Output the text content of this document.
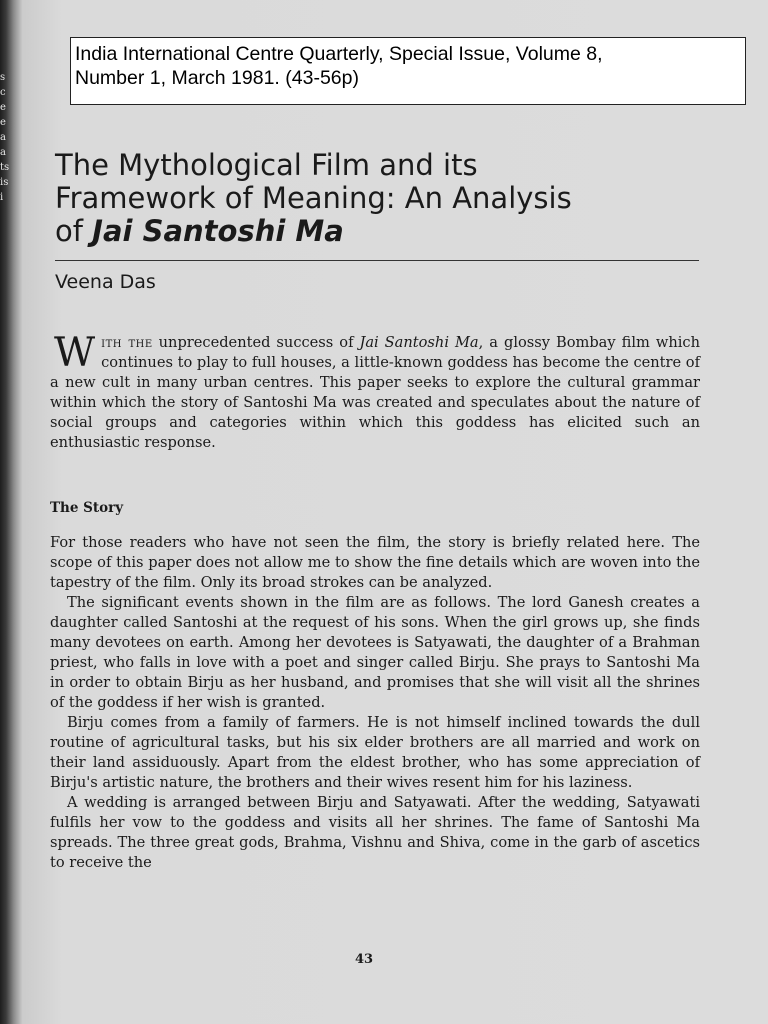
s c e e a a ts is i
India International Centre Quarterly, Special Issue, Volume 8,
Number 1, March 1981. (43-56p)
The Mythological Film and its
Framework of Meaning: An Analysis
of Jai Santoshi Ma
Veena Das

With the unprecedented success of Jai Santoshi Ma, a glossy Bombay film which continues to play to full houses, a little-known goddess has become the centre of a new cult in many urban centres. This paper seeks to explore the cultural grammar within which the story of Santoshi Ma was created and speculates about the nature of social groups and categories within which this goddess has elicited such an enthusiastic response.

The Story

For those readers who have not seen the film, the story is briefly related here. The scope of this paper does not allow me to show the fine details which are woven into the tapestry of the film. Only its broad strokes can be analyzed.

The significant events shown in the film are as follows. The lord Ganesh creates a daughter called Santoshi at the request of his sons. When the girl grows up, she finds many devotees on earth. Among her devotees is Satyawati, the daughter of a Brahman priest, who falls in love with a poet and singer called Birju. She prays to Santoshi Ma in order to obtain Birju as her husband, and promises that she will visit all the shrines of the goddess if her wish is granted.

Birju comes from a family of farmers. He is not himself inclined towards the dull routine of agricultural tasks, but his six elder brothers are all married and work on their land assiduously. Apart from the eldest brother, who has some appreciation of Birju's artistic nature, the brothers and their wives resent him for his laziness.

A wedding is arranged between Birju and Satyawati. After the wedding, Satyawati fulfils her vow to the goddess and visits all her shrines. The fame of Santoshi Ma spreads. The three great gods, Brahma, Vishnu and Shiva, come in the garb of ascetics to receive the

43
